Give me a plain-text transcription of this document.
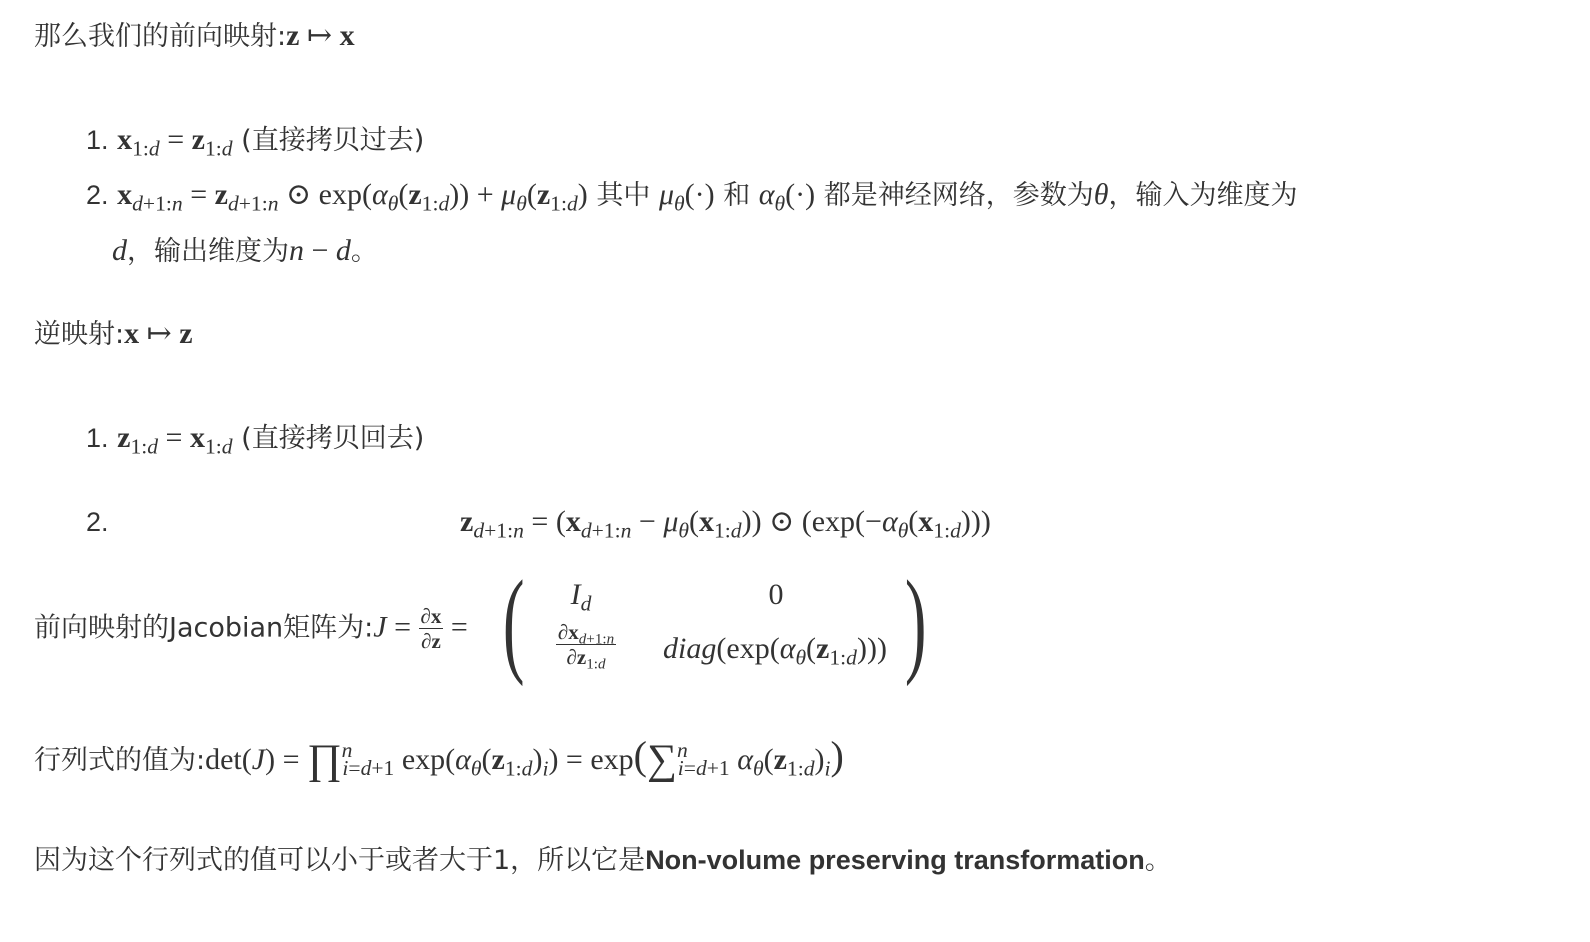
那么我们的前向映射:z ↦ x
1. $x_{1:d} = z_{1:d}$ (直接拷贝过去)
2. $x_{d+1:n} = z_{d+1:n}$ ⊙ $\exp(\alpha_\theta(z_{1:d})) + \mu_\theta(z_{1:d})$ 其中 $\mu_\theta(\cdot)$ 和 $\alpha_\theta(\cdot)$ 都是神经网络，参数为θ，输入为维度为
d，输出维度为n − d。
逆映射:x ↦ z
1. $z_{1:d} = x_{1:d}$ (直接拷贝回去)
2.	$z_{d+1:n} = (x_{d+1:n} - \mu_\theta(x_{1:d}))$ ⊙ $(\exp(-\alpha_\theta(x_{1:d})))$
前向映射的Jacobian矩阵为:J = $\frac{\partial x}{\partial z}$ = (	)
$I_d$	0
$\frac{\partial x_{d+1:n}}{\partial z_{1:d}}$	$diag(\exp(\alpha_\theta(z_{1:d})))$
行列式的值为:det(J) = ∏$^n_{i=d+1}$ $\exp(\alpha_\theta(z_{1:d})_i) = \exp(\sum^n_{i=d+1}$ $\alpha_\theta(z_{1:d})_i$)
因为这个行列式的值可以小于或者大于1，所以它是Non-volume preserving transformation。
